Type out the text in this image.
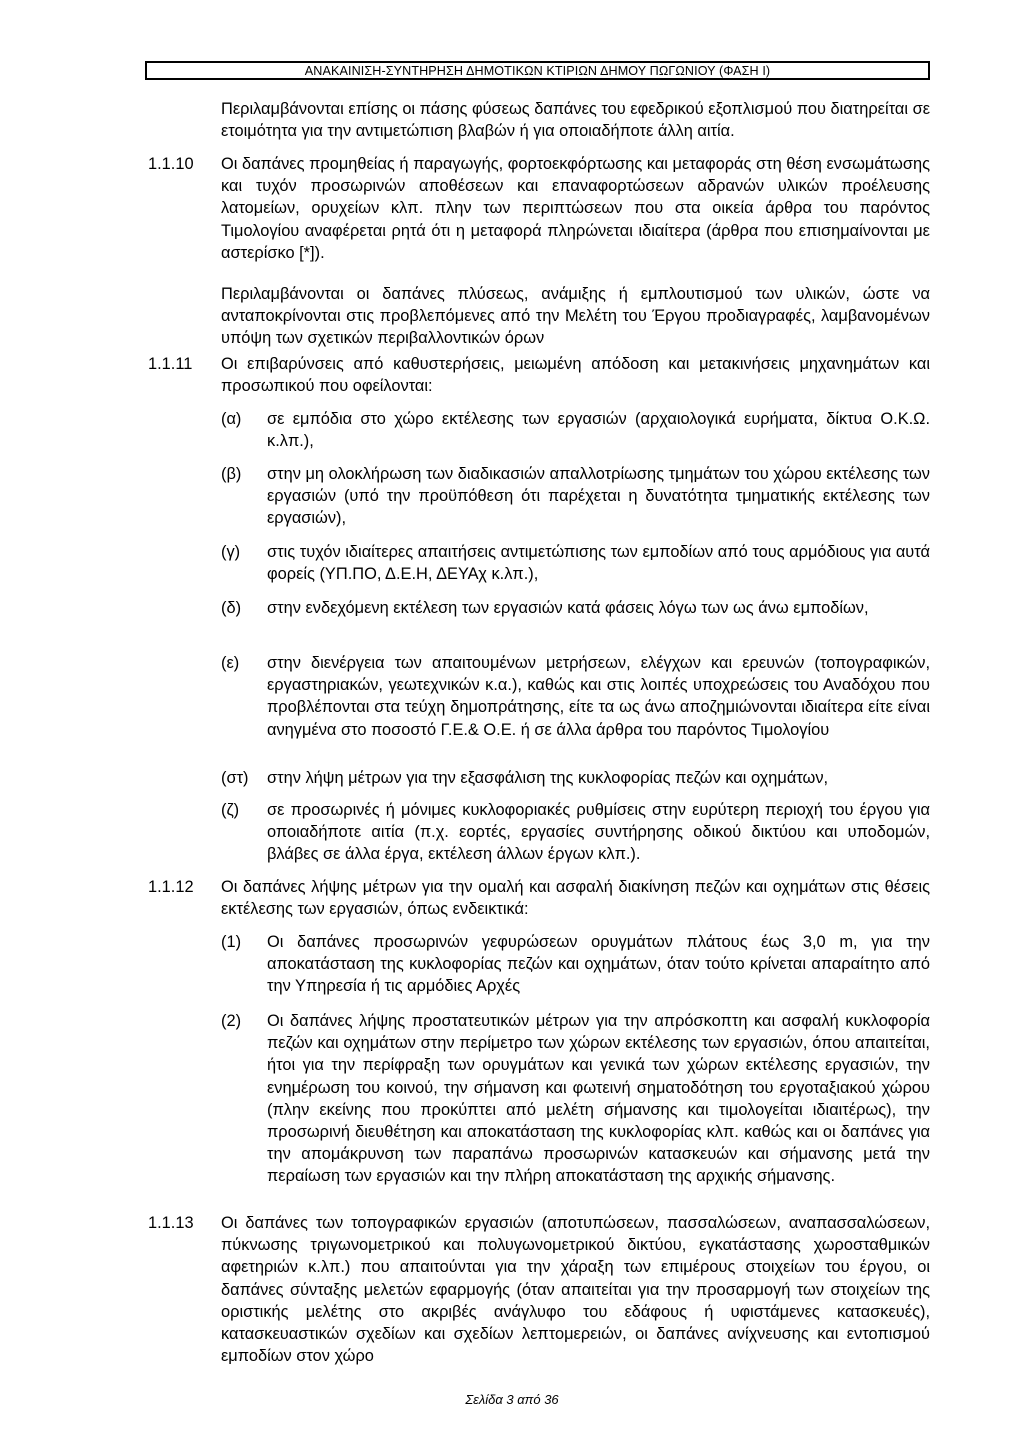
ΑΝΑΚΑΙΝΙΣΗ-ΣΥΝΤΗΡΗΣΗ ΔΗΜΟΤΙΚΩΝ ΚΤΙΡΙΩΝ ΔΗΜΟΥ ΠΩΓΩΝΙΟΥ (ΦΑΣΗ Ι)

Περιλαμβάνονται επίσης οι πάσης φύσεως δαπάνες του εφεδρικού εξοπλισμού που διατηρείται σε ετοιμότητα για την αντιμετώπιση βλαβών ή για οποιαδήποτε άλλη αιτία.

1.1.10	Οι δαπάνες προμηθείας ή παραγωγής, φορτοεκφόρτωσης και μεταφοράς στη θέση ενσωμάτωσης και τυχόν προσωρινών αποθέσεων και επαναφορτώσεων αδρανών υλικών προέλευσης λατομείων, ορυχείων κλπ. πλην των περιπτώσεων που στα οικεία άρθρα του παρόντος Τιμολογίου αναφέρεται ρητά ότι η μεταφορά πληρώνεται ιδιαίτερα (άρθρα που επισημαίνονται με αστερίσκο [*]).

Περιλαμβάνονται οι δαπάνες πλύσεως, ανάμιξης ή εμπλουτισμού των υλικών, ώστε να ανταποκρίνονται στις προβλεπόμενες από την Μελέτη του Έργου προδιαγραφές, λαμβανομένων υπόψη των σχετικών περιβαλλοντικών όρων

1.1.11	Οι επιβαρύνσεις από καθυστερήσεις, μειωμένη απόδοση και μετακινήσεις μηχανημάτων και προσωπικού που οφείλονται:

(α)	σε εμπόδια στο χώρο εκτέλεσης των εργασιών (αρχαιολογικά ευρήματα, δίκτυα Ο.Κ.Ω. κ.λπ.),

(β)	στην μη ολοκλήρωση των διαδικασιών απαλλοτρίωσης τμημάτων του χώρου εκτέλεσης των εργασιών (υπό την προϋπόθεση ότι παρέχεται η δυνατότητα τμηματικής εκτέλεσης των εργασιών),

(γ)	στις τυχόν ιδιαίτερες απαιτήσεις αντιμετώπισης των εμποδίων από τους αρμόδιους για αυτά φορείς (ΥΠ.ΠΟ, Δ.Ε.Η, ΔΕΥΑχ κ.λπ.),

(δ)	στην ενδεχόμενη εκτέλεση των εργασιών κατά φάσεις λόγω των ως άνω εμποδίων,

(ε)	στην διενέργεια των απαιτουμένων μετρήσεων, ελέγχων και ερευνών (τοπογραφικών, εργαστηριακών, γεωτεχνικών κ.α.), καθώς και στις λοιπές υποχρεώσεις του Αναδόχου που προβλέπονται στα τεύχη δημοπράτησης, είτε τα ως άνω αποζημιώνονται ιδιαίτερα είτε είναι ανηγμένα στο ποσοστό Γ.Ε.& Ο.Ε. ή σε άλλα άρθρα του παρόντος Τιμολογίου

(στ)	στην λήψη μέτρων για την εξασφάλιση της κυκλοφορίας πεζών και οχημάτων,

(ζ)	σε προσωρινές ή μόνιμες κυκλοφοριακές ρυθμίσεις στην ευρύτερη περιοχή του έργου για οποιαδήποτε αιτία (π.χ. εορτές, εργασίες συντήρησης οδικού δικτύου και υποδομών, βλάβες σε άλλα έργα, εκτέλεση άλλων έργων κλπ.).

1.1.12	Οι δαπάνες λήψης μέτρων για την ομαλή και ασφαλή διακίνηση πεζών και οχημάτων στις θέσεις εκτέλεσης των εργασιών, όπως ενδεικτικά:

(1)	Οι δαπάνες προσωρινών γεφυρώσεων ορυγμάτων πλάτους έως 3,0 m, για την αποκατάσταση της κυκλοφορίας πεζών και οχημάτων, όταν τούτο κρίνεται απαραίτητο από την Υπηρεσία ή τις αρμόδιες Αρχές

(2)	Οι δαπάνες λήψης προστατευτικών μέτρων για την απρόσκοπτη και ασφαλή κυκλοφορία πεζών και οχημάτων στην περίμετρο των χώρων εκτέλεσης των εργασιών, όπου απαιτείται, ήτοι για την περίφραξη των ορυγμάτων και γενικά των χώρων εκτέλεσης εργασιών, την ενημέρωση του κοινού, την σήμανση και φωτεινή σηματοδότηση του εργοταξιακού χώρου (πλην εκείνης που προκύπτει από μελέτη σήμανσης και τιμολογείται ιδιαιτέρως), την προσωρινή διευθέτηση και αποκατάσταση της κυκλοφορίας κλπ. καθώς και οι δαπάνες για την απομάκρυνση των παραπάνω προσωρινών κατασκευών και σήμανσης μετά την περαίωση των εργασιών και την πλήρη αποκατάσταση της αρχικής σήμανσης.

1.1.13	Οι δαπάνες των τοπογραφικών εργασιών (αποτυπώσεων, πασσαλώσεων, αναπασσαλώσεων, πύκνωσης τριγωνομετρικού και πολυγωνομετρικού δικτύου, εγκατάστασης χωροσταθμικών αφετηριών κ.λπ.) που απαιτούνται για την χάραξη των επιμέρους στοιχείων του έργου, οι δαπάνες σύνταξης μελετών εφαρμογής (όταν απαιτείται για την προσαρμογή των στοιχείων της οριστικής μελέτης στο ακριβές ανάγλυφο του εδάφους ή υφιστάμενες κατασκευές), κατασκευαστικών σχεδίων και σχεδίων λεπτομερειών, οι δαπάνες ανίχνευσης και εντοπισμού εμποδίων στον χώρο

Σελίδα 3 από 36
